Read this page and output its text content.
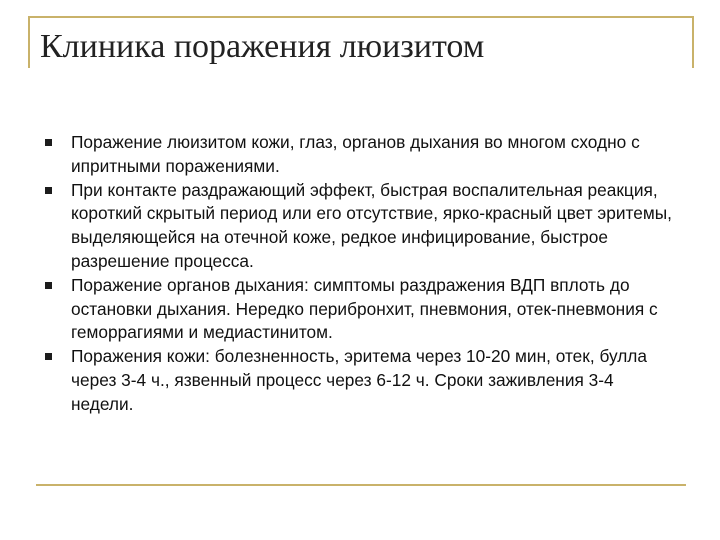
Клиника поражения люизитом
Поражение люизитом кожи, глаз, органов дыхания во многом сходно с ипритными поражениями.
При контакте раздражающий эффект, быстрая воспалительная реакция, короткий скрытый период или его отсутствие, ярко-красный цвет эритемы, выделяющейся на отечной коже, редкое инфицирование, быстрое разрешение процесса.
Поражение органов дыхания: симптомы раздражения ВДП вплоть до остановки дыхания. Нередко перибронхит, пневмония, отек-пневмония с геморрагиями и медиастинитом.
Поражения кожи: болезненность, эритема через 10-20 мин, отек, булла через 3-4 ч., язвенный процесс через 6-12 ч. Сроки заживления 3-4 недели.
